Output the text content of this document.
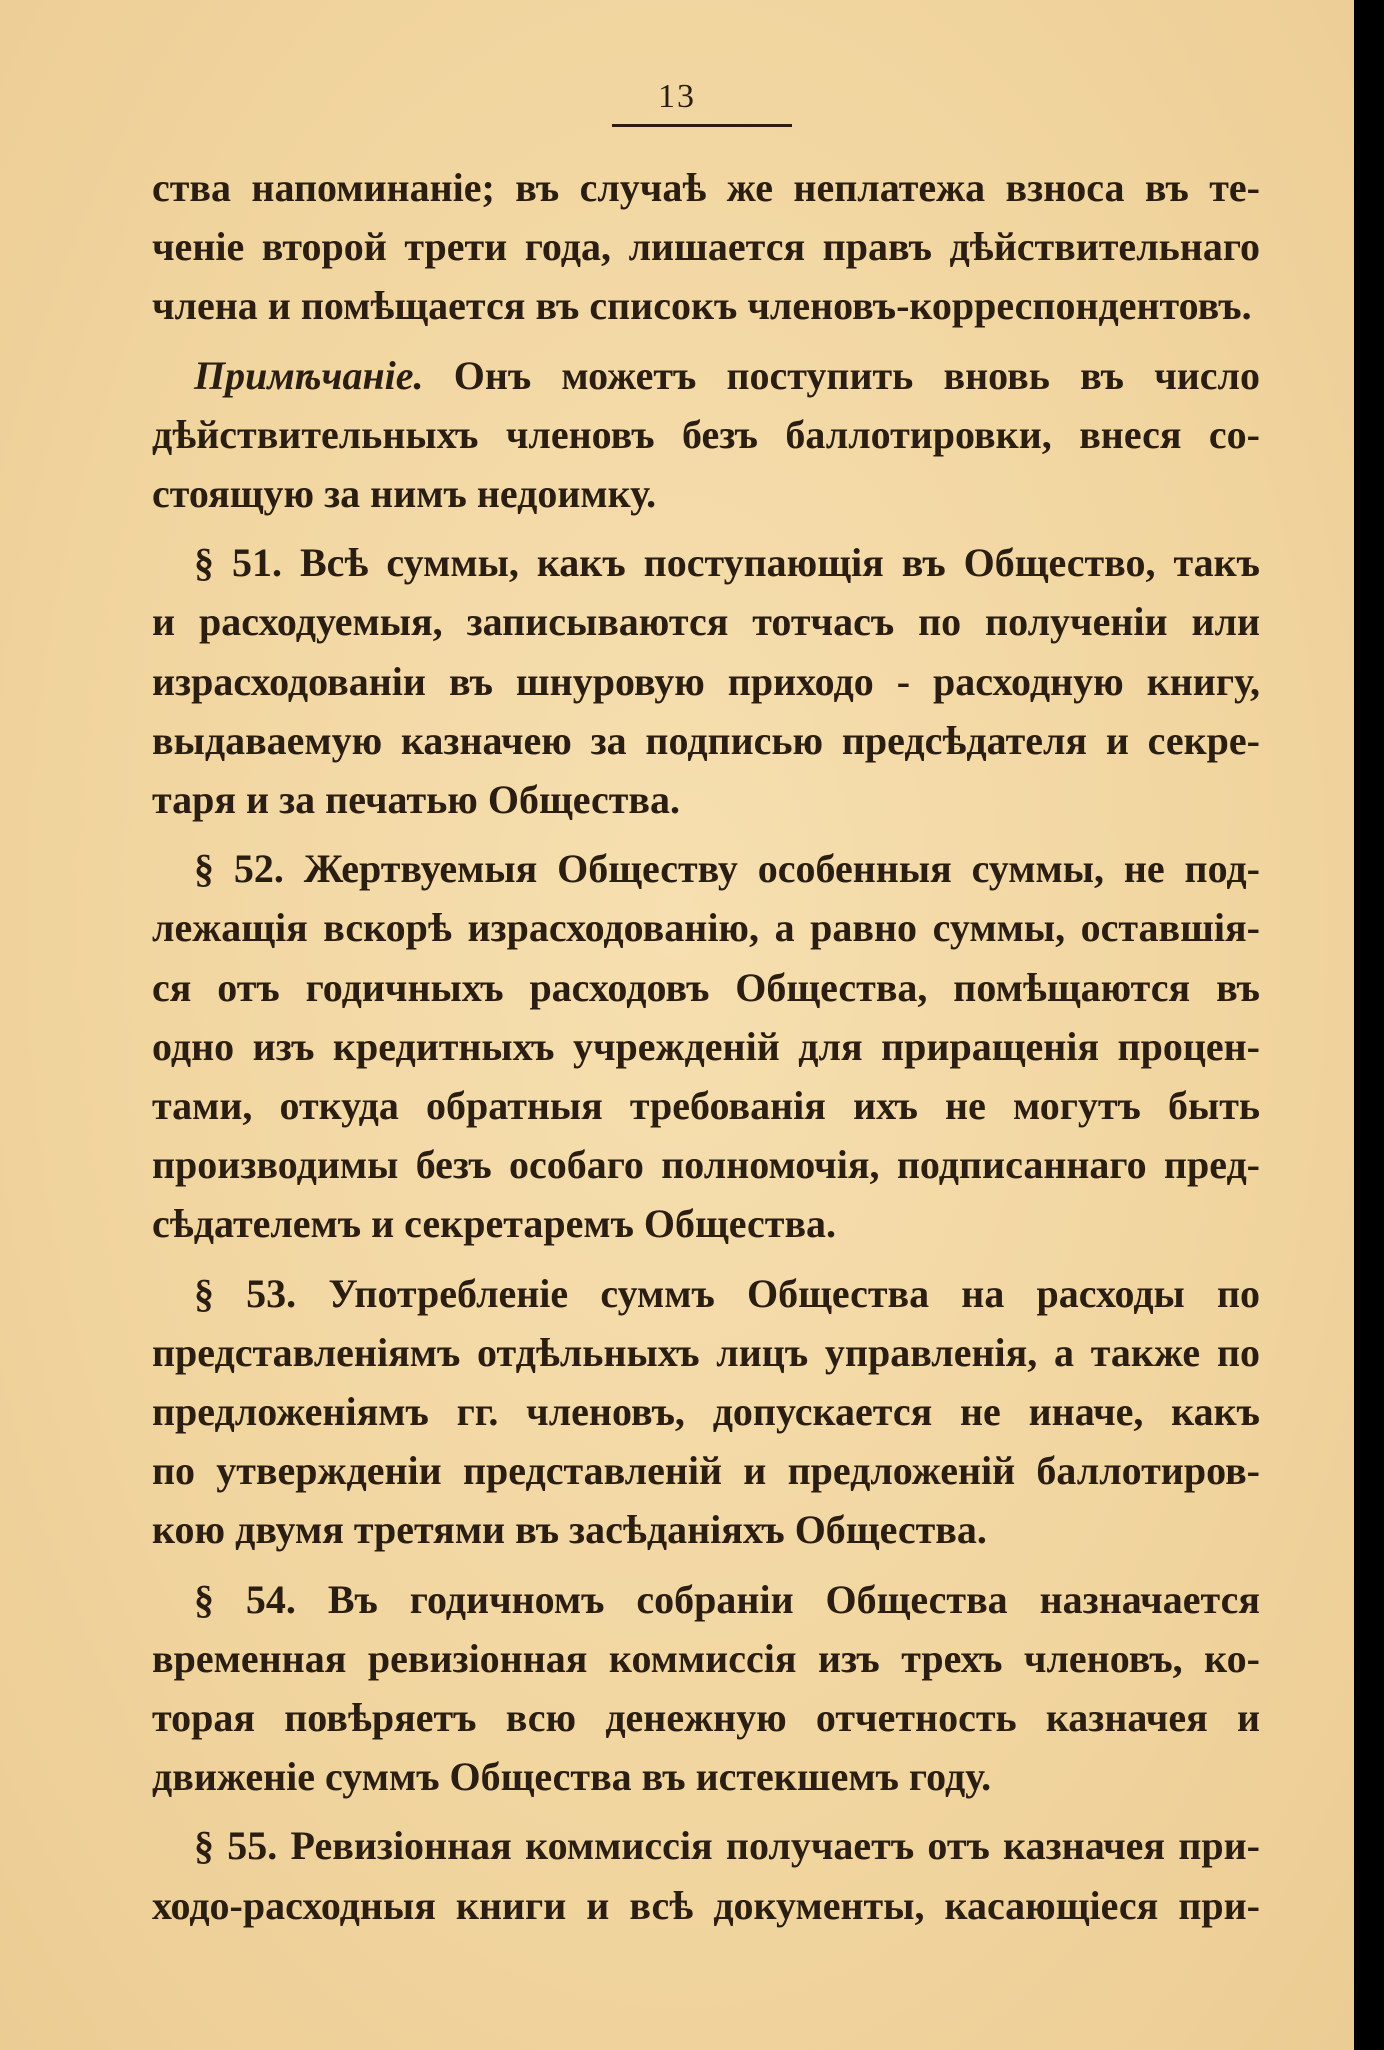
13
ства напоминаніе; въ случаѣ же неплатежа взноса въ те-
ченіе второй трети года, лишается правъ дѣйствительнаго
члена и помѣщается въ списокъ членовъ-корреспондентовъ.
Примѣчаніе. Онъ можетъ поступить вновь въ число
дѣйствительныхъ членовъ безъ баллотировки, внеся со-
стоящую за нимъ недоимку.
§ 51. Всѣ суммы, какъ поступающія въ Общество, такъ
и расходуемыя, записываются тотчасъ по полученіи или
израсходованіи въ шнуровую приходо - расходную книгу,
выдаваемую казначею за подписью предсѣдателя и секре-
таря и за печатью Общества.
§ 52. Жертвуемыя Обществу особенныя суммы, не под-
лежащія вскорѣ израсходованію, а равно суммы, оставшія-
ся отъ годичныхъ расходовъ Общества, помѣщаются въ
одно изъ кредитныхъ учрежденій для приращенія процен-
тами, откуда обратныя требованія ихъ не могутъ быть
производимы безъ особаго полномочія, подписаннаго пред-
сѣдателемъ и секретаремъ Общества.
§ 53. Употребленіе суммъ Общества на расходы по
представленіямъ отдѣльныхъ лицъ управленія, а также по
предложеніямъ гг. членовъ, допускается не иначе, какъ
по утвержденіи представленій и предложеній баллотиров-
кою двумя третями въ засѣданіяхъ Общества.
§ 54. Въ годичномъ собраніи Общества назначается
временная ревизіонная коммиссія изъ трехъ членовъ, ко-
торая повѣряетъ всю денежную отчетность казначея и
движеніе суммъ Общества въ истекшемъ году.
§ 55. Ревизіонная коммиссія получаетъ отъ казначея при-
ходо-расходныя книги и всѣ документы, касающіеся при-
